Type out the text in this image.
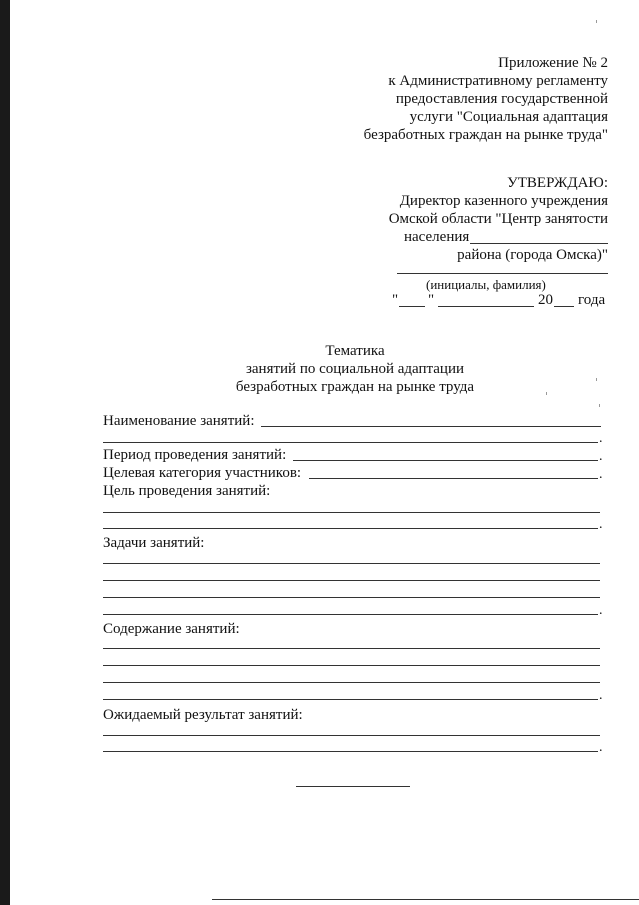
Приложение № 2
к Административному регламенту
предоставления государственной
услуги "Социальная адаптация
безработных граждан на рынке труда"
УТВЕРЖДАЮ:
Директор казенного учреждения
Омской области "Центр занятости
населения
района (города Омска)"
(инициалы, фамилия)
" "	20 года
Тематика
занятий по социальной адаптации
безработных граждан на рынке труда
Наименование занятий:
.
Период проведения занятий:	.
Целевая категория участников:	.
Цель проведения занятий:
.
Задачи занятий:
.
Содержание занятий:
.
Ожидаемый результат занятий:
.
